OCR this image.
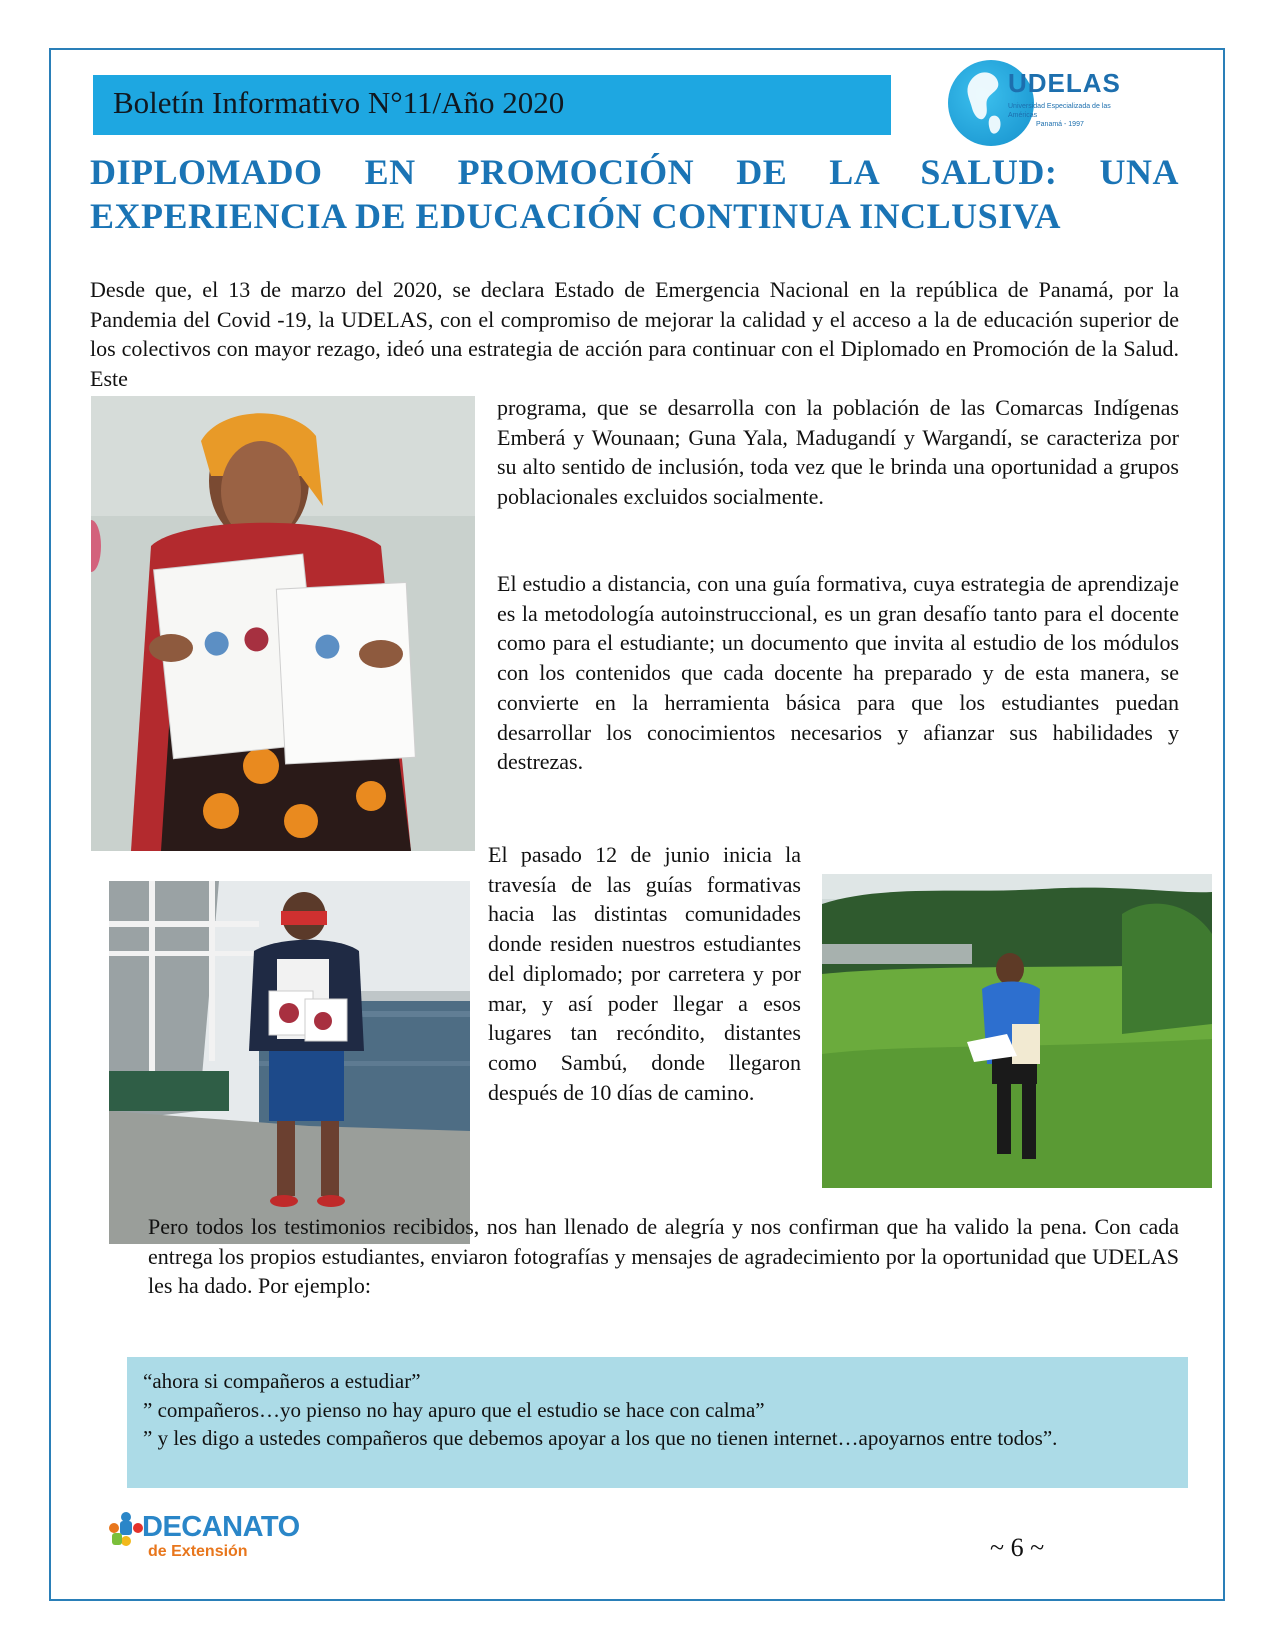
Boletín Informativo N°11/Año 2020
UDELAS
Universidad Especializada de las Américas
Panamá - 1997
DIPLOMADO EN PROMOCIÓN DE LA SALUD: UNA EXPERIENCIA DE EDUCACIÓN CONTINUA INCLUSIVA

Desde que, el 13 de marzo del 2020, se declara Estado de Emergencia Nacional en la república de Panamá, por la Pandemia del Covid -19, la UDELAS, con el compromiso de mejorar la calidad y el acceso a la de educación superior de los colectivos con mayor rezago, ideó una estrategia de acción para continuar con el Diplomado en Promoción de la Salud. Este

programa, que se desarrolla con la población de las Comarcas Indígenas Emberá y Wounaan; Guna Yala, Madugandí y Wargandí, se caracteriza por su alto sentido de inclusión, toda vez que le brinda una oportunidad a grupos poblacionales excluidos socialmente.

El estudio a distancia, con una guía formativa, cuya estrategia de aprendizaje es la metodología autoinstruccional, es un gran desafío tanto para el docente como para el estudiante; un documento que invita al estudio de los módulos con los contenidos que cada docente ha preparado y de esta manera, se convierte en la herramienta básica para que los estudiantes puedan desarrollar los conocimientos necesarios y afianzar sus habilidades y destrezas.

El pasado 12 de junio inicia la travesía de las guías formativas hacia las distintas comunidades donde residen nuestros estudiantes del diplomado; por carretera y por mar, y así poder llegar a esos lugares tan recóndito, distantes como Sambú, donde llegaron después de 10 días de camino.

Pero todos los testimonios recibidos, nos han llenado de alegría y nos confirman que ha valido la pena. Con cada entrega los propios estudiantes, enviaron fotografías y mensajes de agradecimiento por la oportunidad que UDELAS les ha dado. Por ejemplo:

“ahora si compañeros a estudiar”
” compañeros…yo pienso no hay apuro que el estudio se hace con calma”
” y les digo a ustedes compañeros que debemos apoyar a los que no tienen internet…apoyarnos entre todos”.
DECANATO
de Extensión	~ 6 ~
